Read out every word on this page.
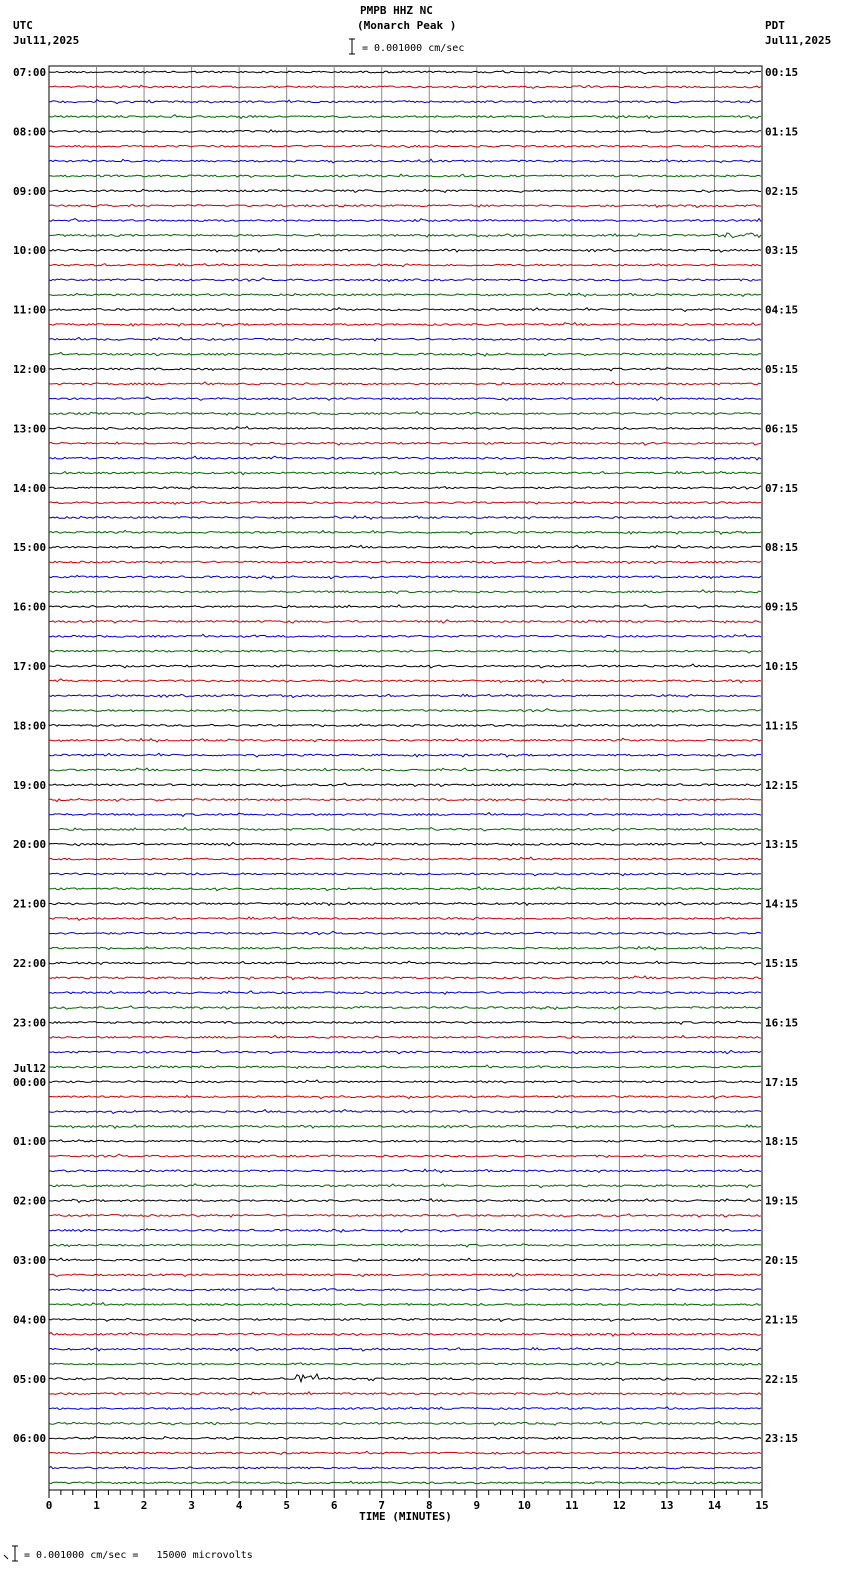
PMPB HHZ NC
(Monarch Peak )
UTC
Jul11,2025
PDT
Jul11,2025
= 0.001000 cm/sec
07:00	00:15
08:00	01:15
09:00	02:15
10:00	03:15
11:00	04:15
12:00	05:15
13:00	06:15
14:00	07:15
15:00	08:15
16:00	09:15
17:00	10:15
18:00	11:15
19:00	12:15
20:00	13:15
21:00	14:15
22:00	15:15
23:00	16:15
00:00	17:15
Jul12
01:00	18:15
02:00	19:15
03:00	20:15
04:00	21:15
05:00	22:15
06:00	23:15
0	1	2	3	4	5	6	7	8	9	10	11	12	13	14	15
TIME (MINUTES)
= 0.001000 cm/sec =   15000 microvolts
